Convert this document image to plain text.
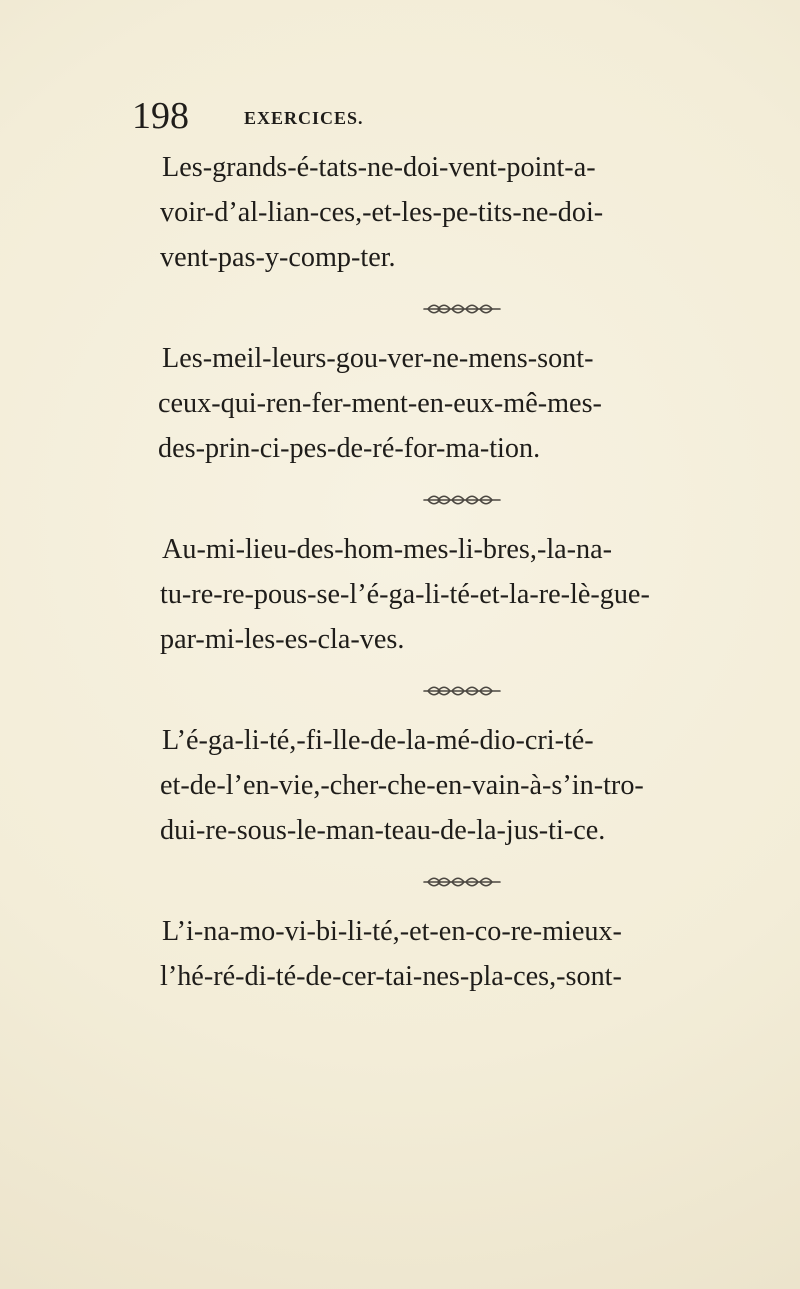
198	EXERCICES.

Les-grands-é-tats-ne-doi-vent-point-a-
voir-d’al-lian-ces,-et-les-pe-tits-ne-doi-
vent-pas-y-comp-ter.

Les-meil-leurs-gou-ver-ne-mens-sont-
ceux-qui-ren-fer-ment-en-eux-mê-mes-
des-prin-ci-pes-de-ré-for-ma-tion.

Au-mi-lieu-des-hom-mes-li-bres,-la-na-
tu-re-re-pous-se-l’é-ga-li-té-et-la-re-lè-gue-
par-mi-les-es-cla-ves.

L’é-ga-li-té,-fi-lle-de-la-mé-dio-cri-té-
et-de-l’en-vie,-cher-che-en-vain-à-s’in-tro-
dui-re-sous-le-man-teau-de-la-jus-ti-ce.

L’i-na-mo-vi-bi-li-té,-et-en-co-re-mieux-
l’hé-ré-di-té-de-cer-tai-nes-pla-ces,-sont-
